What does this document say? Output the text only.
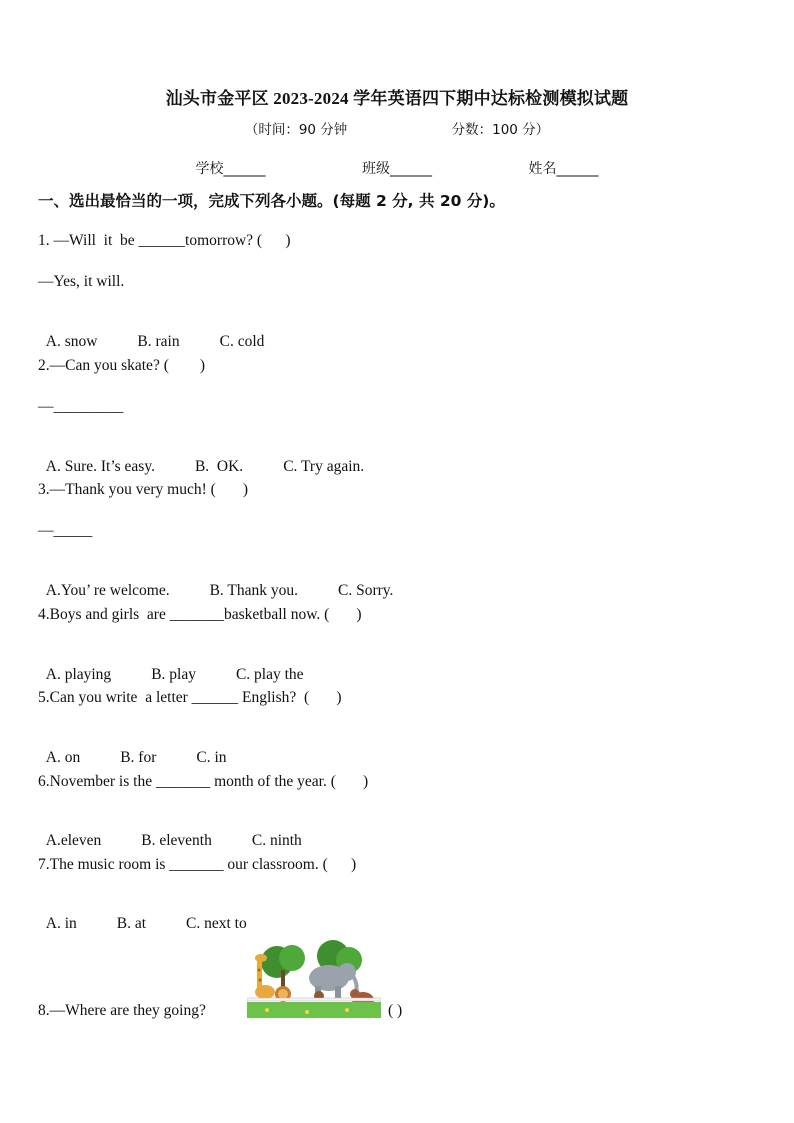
汕头市金平区 2023-2024 学年英语四下期中达标检测模拟试题
（时间：90 分钟	分数：100 分）
学校______	班级______	姓名______
一、选出最恰当的一项，完成下列各小题。(每题 2 分, 共 20 分)。
1. —Will  it  be ______tomorrow? (      )
—Yes, it will.

A. snow	B. rain	C. cold

2.—Can you skate? (        )
—_________

A. Sure. It’s easy.	B.  OK.	C. Try again.

3.—Thank you very much! (       )
—_____

A.You’ re welcome.	B. Thank you.	C. Sorry.

4.Boys and girls  are _______basketball now. (       )

A. playing	B. play	C. play the

5.Can you write  a letter ______ English?  (       )

A. on	B. for	C. in

6.November is the _______ month of the year. (       )

A.eleven	B. eleventh	C. ninth

7.The music room is _______ our classroom. (      )

A. in	B. at	C. next to

8.—Where are they going?	( )
